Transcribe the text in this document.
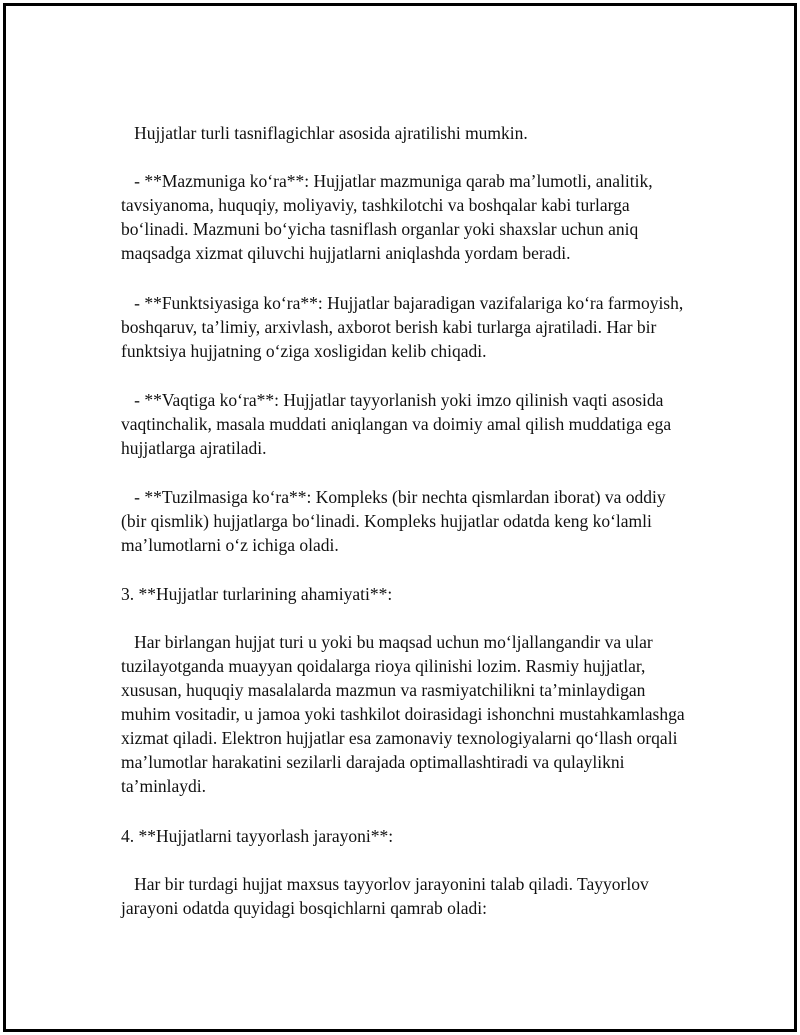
Hujjatlar turli tasniflagichlar asosida ajratilishi mumkin.

- **Mazmuniga ko‘ra**: Hujjatlar mazmuniga qarab ma’lumotli, analitik, tavsiyanoma, huquqiy, moliyaviy, tashkilotchi va boshqalar kabi turlarga bo‘linadi. Mazmuni bo‘yicha tasniflash organlar yoki shaxslar uchun aniq maqsadga xizmat qiluvchi hujjatlarni aniqlashda yordam beradi.

- **Funktsiyasiga ko‘ra**: Hujjatlar bajaradigan vazifalariga ko‘ra farmoyish, boshqaruv, ta’limiy, arxivlash, axborot berish kabi turlarga ajratiladi. Har bir funktsiya hujjatning o‘ziga xosligidan kelib chiqadi.

- **Vaqtiga ko‘ra**: Hujjatlar tayyorlanish yoki imzo qilinish vaqti asosida vaqtinchalik, masala muddati aniqlangan va doimiy amal qilish muddatiga ega hujjatlarga ajratiladi.

- **Tuzilmasiga ko‘ra**: Kompleks (bir nechta qismlardan iborat) va oddiy (bir qismlik) hujjatlarga bo‘linadi. Kompleks hujjatlar odatda keng ko‘lamli ma’lumotlarni o‘z ichiga oladi.

3. **Hujjatlar turlarining ahamiyati**:

Har birlangan hujjat turi u yoki bu maqsad uchun mo‘ljallangandir va ular tuzilayotganda muayyan qoidalarga rioya qilinishi lozim. Rasmiy hujjatlar, xususan, huquqiy masalalarda mazmun va rasmiyatchilikni ta’minlaydigan muhim vositadir, u jamoa yoki tashkilot doirasidagi ishonchni mustahkamlashga xizmat qiladi. Elektron hujjatlar esa zamonaviy texnologiyalarni qo‘llash orqali ma’lumotlar harakatini sezilarli darajada optimallashtiradi va qulaylikni ta’minlaydi.

4. **Hujjatlarni tayyorlash jarayoni**:

Har bir turdagi hujjat maxsus tayyorlov jarayonini talab qiladi. Tayyorlov jarayoni odatda quyidagi bosqichlarni qamrab oladi:
